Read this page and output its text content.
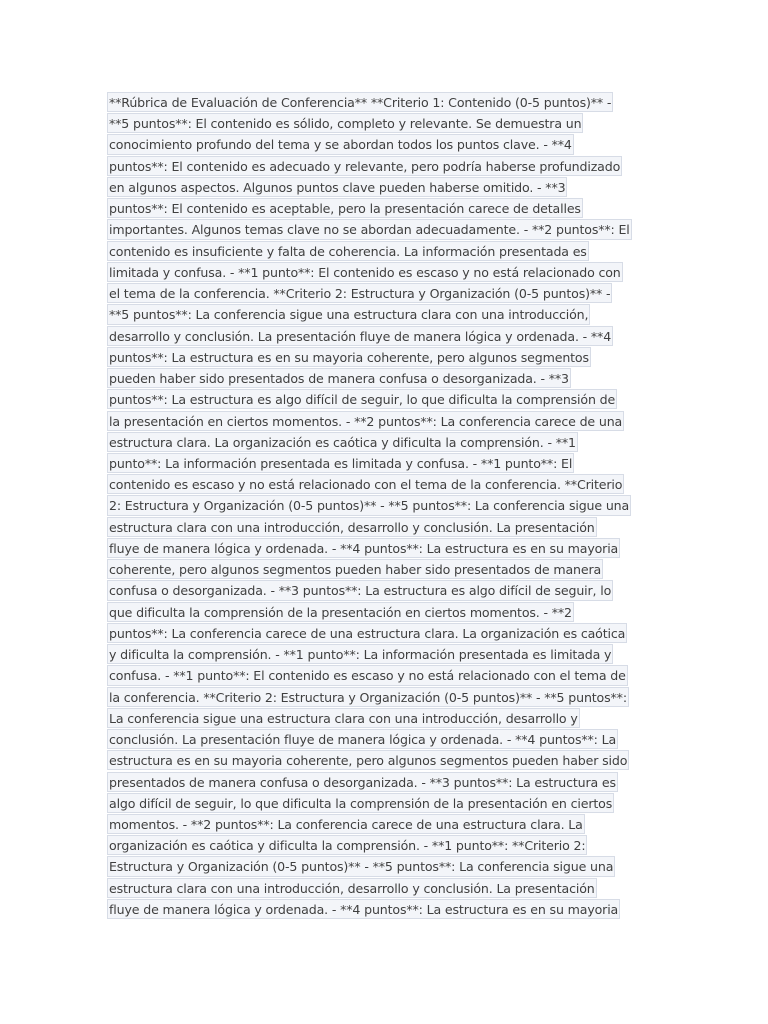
**Rúbrica de Evaluación de Conferencia** **Criterio 1: Contenido (0-5 puntos)** -
**5 puntos**: El contenido es sólido, completo y relevante. Se demuestra un
conocimiento profundo del tema y se abordan todos los puntos clave. - **4
puntos**: El contenido es adecuado y relevante, pero podría haberse profundizado
en algunos aspectos. Algunos puntos clave pueden haberse omitido. - **3
puntos**: El contenido es aceptable, pero la presentación carece de detalles
importantes. Algunos temas clave no se abordan adecuadamente. - **2 puntos**: El
contenido es insuficiente y falta de coherencia. La información presentada es
limitada y confusa. - **1 punto**: El contenido es escaso y no está relacionado con
el tema de la conferencia. **Criterio 2: Estructura y Organización (0-5 puntos)** -
**5 puntos**: La conferencia sigue una estructura clara con una introducción,
desarrollo y conclusión. La presentación fluye de manera lógica y ordenada. - **4
puntos**: La estructura es en su mayoria coherente, pero algunos segmentos
pueden haber sido presentados de manera confusa o desorganizada. - **3
puntos**: La estructura es algo difícil de seguir, lo que dificulta la comprensión de
la presentación en ciertos momentos. - **2 puntos**: La conferencia carece de una
estructura clara. La organización es caótica y dificulta la comprensión. - **1
punto**: La información presentada es limitada y confusa. - **1 punto**: El
contenido es escaso y no está relacionado con el tema de la conferencia. **Criterio
2: Estructura y Organización (0-5 puntos)** - **5 puntos**: La conferencia sigue una
estructura clara con una introducción, desarrollo y conclusión. La presentación
fluye de manera lógica y ordenada. - **4 puntos**: La estructura es en su mayoria
coherente, pero algunos segmentos pueden haber sido presentados de manera
confusa o desorganizada. - **3 puntos**: La estructura es algo difícil de seguir, lo
que dificulta la comprensión de la presentación en ciertos momentos. - **2
puntos**: La conferencia carece de una estructura clara. La organización es caótica
y dificulta la comprensión. - **1 punto**: La información presentada es limitada y
confusa. - **1 punto**: El contenido es escaso y no está relacionado con el tema de
la conferencia. **Criterio 2: Estructura y Organización (0-5 puntos)** - **5 puntos**:
La conferencia sigue una estructura clara con una introducción, desarrollo y
conclusión. La presentación fluye de manera lógica y ordenada. - **4 puntos**: La
estructura es en su mayoria coherente, pero algunos segmentos pueden haber sido
presentados de manera confusa o desorganizada. - **3 puntos**: La estructura es
algo difícil de seguir, lo que dificulta la comprensión de la presentación en ciertos
momentos. - **2 puntos**: La conferencia carece de una estructura clara. La
organización es caótica y dificulta la comprensión. - **1 punto**: **Criterio 2:
Estructura y Organización (0-5 puntos)** - **5 puntos**: La conferencia sigue una
estructura clara con una introducción, desarrollo y conclusión. La presentación
fluye de manera lógica y ordenada. - **4 puntos**: La estructura es en su mayoria
